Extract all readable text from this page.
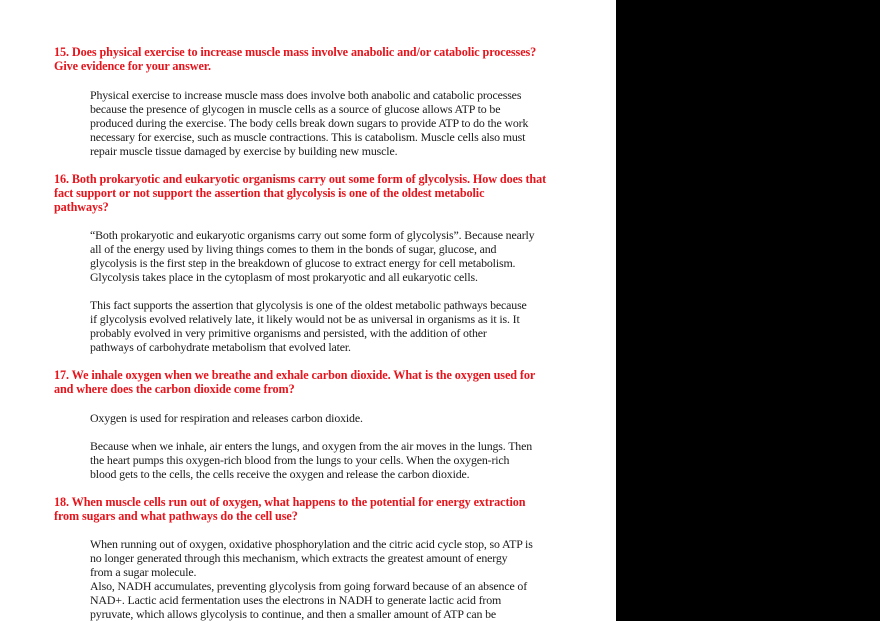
15. Does physical exercise to increase muscle mass involve anabolic and/or catabolic processes?
Give evidence for your answer.
Physical exercise to increase muscle mass does involve both anabolic and catabolic processes
because the presence of glycogen in muscle cells as a source of glucose allows ATP to be
produced during the exercise. The body cells break down sugars to provide ATP to do the work
necessary for exercise, such as muscle contractions. This is catabolism. Muscle cells also must
repair muscle tissue damaged by exercise by building new muscle.
16. Both prokaryotic and eukaryotic organisms carry out some form of glycolysis. How does that
fact support or not support the assertion that glycolysis is one of the oldest metabolic
pathways?
“Both prokaryotic and eukaryotic organisms carry out some form of glycolysis”. Because nearly
all of the energy used by living things comes to them in the bonds of sugar, glucose, and
glycolysis is the first step in the breakdown of glucose to extract energy for cell metabolism.
Glycolysis takes place in the cytoplasm of most prokaryotic and all eukaryotic cells.
This fact supports the assertion that glycolysis is one of the oldest metabolic pathways because
if glycolysis evolved relatively late, it likely would not be as universal in organisms as it is. It
probably evolved in very primitive organisms and persisted, with the addition of other
pathways of carbohydrate metabolism that evolved later.
17. We inhale oxygen when we breathe and exhale carbon dioxide. What is the oxygen used for
and where does the carbon dioxide come from?
Oxygen is used for respiration and releases carbon dioxide.
Because when we inhale, air enters the lungs, and oxygen from the air moves in the lungs. Then
the heart pumps this oxygen-rich blood from the lungs to your cells. When the oxygen-rich
blood gets to the cells, the cells receive the oxygen and release the carbon dioxide.
18. When muscle cells run out of oxygen, what happens to the potential for energy extraction
from sugars and what pathways do the cell use?
When running out of oxygen, oxidative phosphorylation and the citric acid cycle stop, so ATP is
no longer generated through this mechanism, which extracts the greatest amount of energy
from a sugar molecule.
Also, NADH accumulates, preventing glycolysis from going forward because of an absence of
NAD+. Lactic acid fermentation uses the electrons in NADH to generate lactic acid from
pyruvate, which allows glycolysis to continue, and then a smaller amount of ATP can be
